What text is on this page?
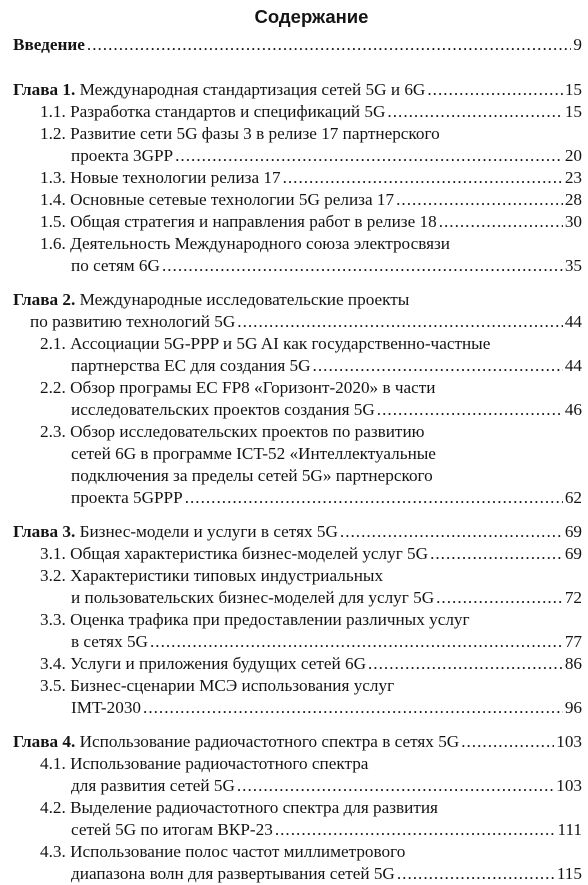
Содержание
Введение .....	9
Глава 1. Международная стандартизация сетей 5G и 6G .....	15
1.1. Разработка стандартов и спецификаций 5G .....	15
1.2. Развитие сети 5G фазы 3 в релизе 17 партнерского
проекта 3GPP .....	20
1.3. Новые технологии релиза 17 .....	23
1.4. Основные сетевые технологии 5G релиза 17 .....	28
1.5. Общая стратегия и направления работ в релизе 18 .....	30
1.6. Деятельность Международного союза электросвязи
по сетям 6G .....	35
Глава 2. Международные исследовательские проекты
по развитию технологий 5G .....	44
2.1. Ассоциации 5G-PPP и 5G AI как государственно-частные
партнерства ЕС для создания 5G .....	44
2.2. Обзор програмы ЕС FP8 «Горизонт-2020» в части
исследовательских проектов создания 5G .....	46
2.3. Обзор исследовательских проектов по развитию
сетей 6G в программе ICT-52 «Интеллектуальные
подключения за пределы сетей 5G» партнерского
проекта 5GPPP .....	62
Глава 3. Бизнес-модели и услуги в сетях 5G .....	69
3.1. Общая характеристика бизнес-моделей услуг 5G .....	69
3.2. Характеристики типовых индустриальных
и пользовательских бизнес-моделей для услуг 5G .....	72
3.3. Оценка трафика при предоставлении различных услуг
в сетях 5G .....	77
3.4. Услуги и приложения будущих сетей 6G .....	86
3.5. Бизнес-сценарии МСЭ использования услуг
IMT-2030 .....	96
Глава 4. Использование радиочастотного спектра в сетях 5G .....	103
4.1. Использование радиочастотного спектра
для развития сетей 5G .....	103
4.2. Выделение радиочастотного спектра для развития
сетей 5G по итогам ВКР-23 .....	111
4.3. Использование полос частот миллиметрового
диапазона волн для развертывания сетей 5G .....	115
